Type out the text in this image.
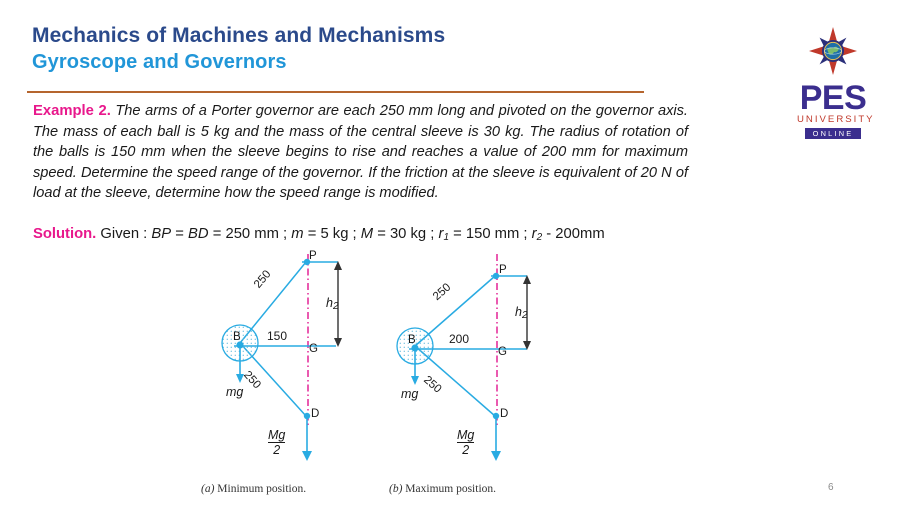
Mechanics of Machines and Mechanisms
Gyroscope and Governors
Example 2. The arms of a Porter governor are each 250 mm long and pivoted on the governor axis. The mass of each ball is 5 kg and the mass of the central sleeve is 30 kg. The radius of rotation of the balls is 150 mm when the sleeve begins to rise and reaches a value of 200 mm for maximum speed. Determine the speed range of the governor. If the friction at the sleeve is equivalent of 20 N of load at the sleeve, determine how the speed range is modified.
Solution. Given : BP = BD = 250 mm ; m = 5 kg ; M = 30 kg ; $r_1 = 150$ mm ; $r_2 - 200mm$
P
B
G
D
250
250
150
$h_2$
mg
$\frac{Mg}{2}$
P
B
G
D
250
250
200
$h_2$
mg
$\frac{Mg}{2}$
(a) Minimum position.	(b) Maximum position.
PES
UNIVERSITY
ONLINE
6
